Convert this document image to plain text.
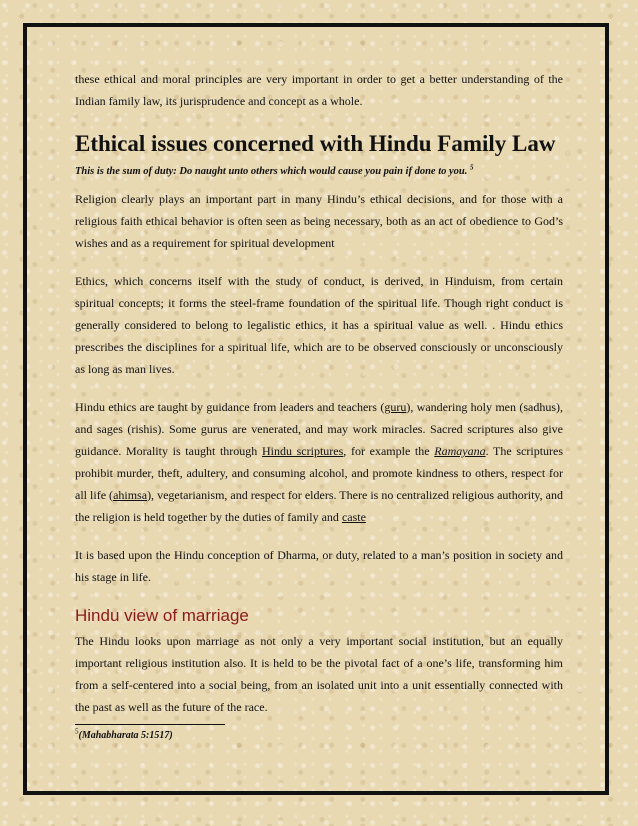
these ethical and moral principles are very important in order to get a better understanding of the Indian family law, its jurisprudence and concept as a whole.

Ethical issues concerned with Hindu Family Law
This is the sum of duty: Do naught unto others which would cause you pain if done to you. $^5$

Religion clearly plays an important part in many Hindu’s ethical decisions, and for those with a religious faith ethical behavior is often seen as being necessary, both as an act of obedience to God’s wishes and as a requirement for spiritual development

Ethics, which concerns itself with the study of conduct, is derived, in Hinduism, from certain spiritual concepts; it forms the steel-frame foundation of the spiritual life. Though right conduct is generally considered to belong to legalistic ethics, it has a spiritual value as well. . Hindu ethics prescribes the disciplines for a spiritual life, which are to be observed consciously or unconsciously as long as man lives.

Hindu ethics are taught by guidance from leaders and teachers (guru), wandering holy men (sadhus), and sages (rishis). Some gurus are venerated, and may work miracles. Sacred scriptures also give guidance. Morality is taught through Hindu scriptures, for example the Ramayana. The scriptures prohibit murder, theft, adultery, and consuming alcohol, and promote kindness to others, respect for all life (ahimsa), vegetarianism, and respect for elders. There is no centralized religious authority, and the religion is held together by the duties of family and caste

It is based upon the Hindu conception of Dharma, or duty, related to a man’s position in society and his stage in life.

Hindu view of marriage

The Hindu looks upon marriage as not only a very important social institution, but an equally important religious institution also. It is held to be the pivotal fact of a one’s life, transforming him from a self-centered into a social being, from an isolated unit into a unit essentially connected with the past as well as the future of the race.

$^5$(Mahabharata 5:1517)
